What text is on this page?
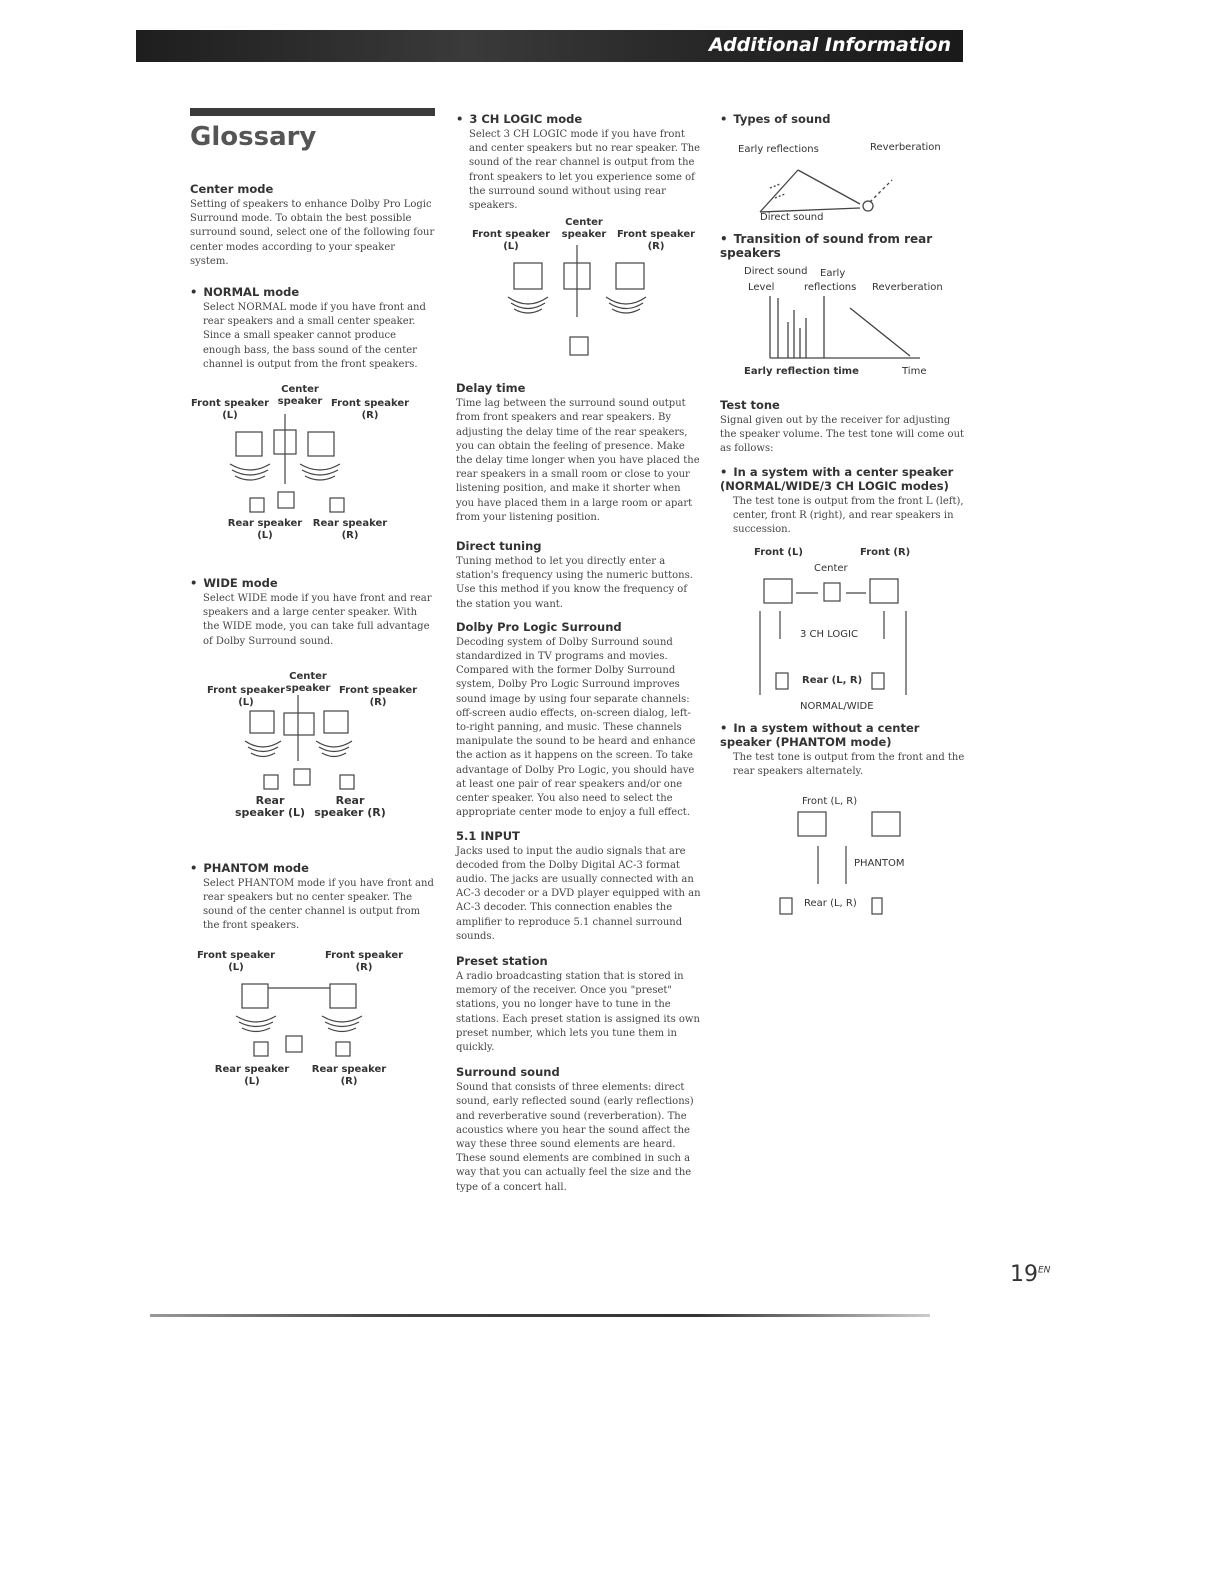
Additional Information
Glossary
Center mode

Setting of speakers to enhance Dolby Pro Logic Surround mode. To obtain the best possible surround sound, select one of the following four center modes according to your speaker system.

• NORMAL mode

Select NORMAL mode if you have front and rear speakers and a small center speaker. Since a small speaker cannot produce enough bass, the bass sound of the center channel is output from the front speakers.

Front speaker (L)
Center speaker Front speaker (R)
Rear speaker (L)
Rear speaker (R)
• WIDE mode

Select WIDE mode if you have front and rear speakers and a large center speaker. With the WIDE mode, you can take full advantage of Dolby Surround sound.

Front speaker (L)
Center speaker Front speaker (R)
Rear speaker (L)
Rear speaker (R)
• PHANTOM mode

Select PHANTOM mode if you have front and rear speakers but no center speaker. The sound of the center channel is output from the front speakers.

Front speaker (L)
Front speaker (R)
Rear speaker (L)
Rear speaker (R)
• 3 CH LOGIC mode

Select 3 CH LOGIC mode if you have front and center speakers but no rear speaker. The sound of the rear channel is output from the front speakers to let you experience some of the surround sound without using rear speakers.

Front speaker (L)
Center speaker	Front speaker (R)
Delay time

Time lag between the surround sound output from front speakers and rear speakers. By adjusting the delay time of the rear speakers, you can obtain the feeling of presence. Make the delay time longer when you have placed the rear speakers in a small room or close to your listening position, and make it shorter when you have placed them in a large room or apart from your listening position.

Direct tuning

Tuning method to let you directly enter a station's frequency using the numeric buttons. Use this method if you know the frequency of the station you want.

Dolby Pro Logic Surround

Decoding system of Dolby Surround sound standardized in TV programs and movies. Compared with the former Dolby Surround system, Dolby Pro Logic Surround improves sound image by using four separate channels: off-screen audio effects, on-screen dialog, left-to-right panning, and music. These channels manipulate the sound to be heard and enhance the action as it happens on the screen. To take advantage of Dolby Pro Logic, you should have at least one pair of rear speakers and/or one center speaker. You also need to select the appropriate center mode to enjoy a full effect.

5.1 INPUT

Jacks used to input the audio signals that are decoded from the Dolby Digital AC-3 format audio. The jacks are usually connected with an AC-3 decoder or a DVD player equipped with an AC-3 decoder. This connection enables the amplifier to reproduce 5.1 channel surround sounds.

Preset station

A radio broadcasting station that is stored in memory of the receiver. Once you "preset" stations, you no longer have to tune in the stations. Each preset station is assigned its own preset number, which lets you tune them in quickly.

Surround sound

Sound that consists of three elements: direct sound, early reflected sound (early reflections) and reverberative sound (reverberation). The acoustics where you hear the sound affect the way these three sound elements are heard. These sound elements are combined in such a way that you can actually feel the size and the type of a concert hall.

• Types of sound
Early reflections	Reverberation
Direct sound
• Transition of sound from rear speakers
Direct sound Early
Level	reflections Reverberation
Early reflection time	Time
Test tone

Signal given out by the receiver for adjusting the speaker volume. The test tone will come out as follows:

• In a system with a center speaker (NORMAL/WIDE/3 CH LOGIC modes)

The test tone is output from the front L (left), center, front R (right), and rear speakers in succession.

Front (L)	Front (R)
Center
3 CH LOGIC
Rear (L, R)
NORMAL/WIDE
• In a system without a center speaker (PHANTOM mode)

The test tone is output from the front and the rear speakers alternately.

Front (L, R)
PHANTOM
Rear (L, R)
$19^{EN}$
